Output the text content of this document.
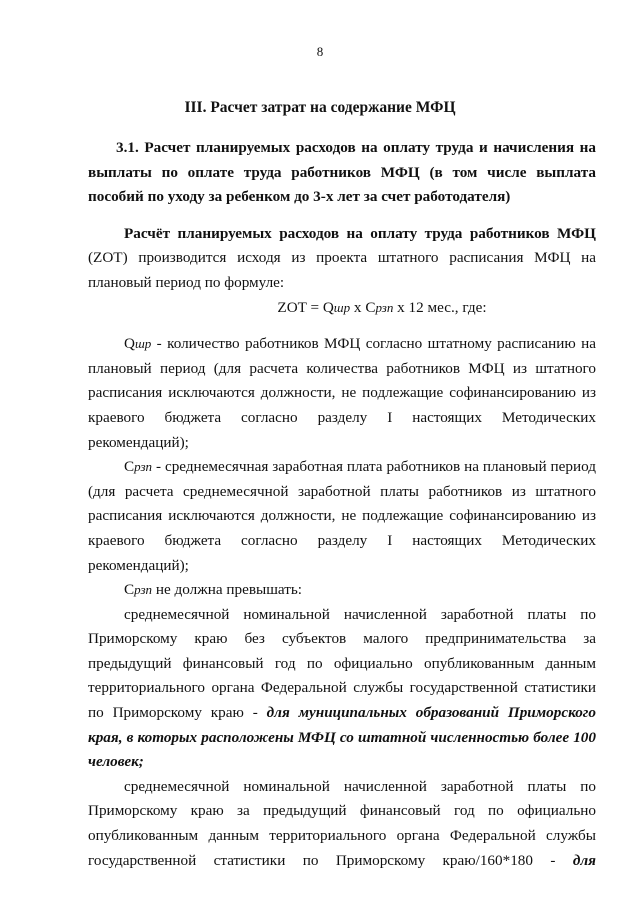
8
III. Расчет затрат на содержание МФЦ

3.1. Расчет планируемых расходов на оплату труда и начисления на выплаты по оплате труда работников МФЦ (в том числе выплата пособий по уходу за ребенком до 3-х лет за счет работодателя)

Расчёт планируемых расходов на оплату труда работников МФЦ (ZOT) производится исходя из проекта штатного расписания МФЦ на плановый период по формуле:

ZOT = Qшр x Cрзп x 12 мес., где:

Qшр - количество работников МФЦ согласно штатному расписанию на плановый период (для расчета количества работников МФЦ из штатного расписания исключаются должности, не подлежащие софинансированию из краевого бюджета согласно разделу I настоящих Методических рекомендаций);

Cрзп - среднемесячная заработная плата работников на плановый период (для расчета среднемесячной заработной платы работников из штатного расписания исключаются должности, не подлежащие софинансированию из краевого бюджета согласно разделу I настоящих Методических рекомендаций);

Cрзп не должна превышать:

среднемесячной номинальной начисленной заработной платы по Приморскому краю без субъектов малого предпринимательства за предыдущий финансовый год по официально опубликованным данным территориального органа Федеральной службы государственной статистики по Приморскому краю - для муниципальных образований Приморского края, в которых расположены МФЦ со штатной численностью более 100 человек;

среднемесячной номинальной начисленной заработной платы по Приморскому краю за предыдущий финансовый год по официально опубликованным данным территориального органа Федеральной службы государственной статистики по Приморскому краю/160*180 - для
